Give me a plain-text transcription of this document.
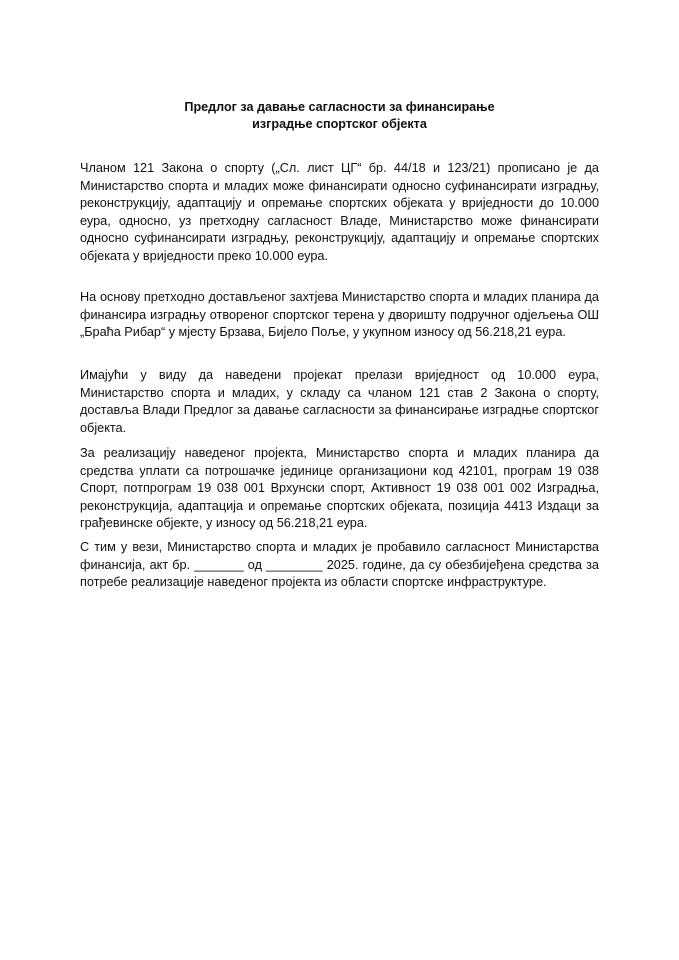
Предлог за давање сагласности за финансирање
изградње спортског објекта

Чланом 121 Закона о спорту („Сл. лист ЦГ“ бр. 44/18 и 123/21) прописано је да Министарство спорта и младих може финансирати односно суфинансирати изградњу, реконструкцију, адаптацију и опремање спортских објеката у вриједности до 10.000 еура, односно, уз претходну сагласност Владе, Министарство може финансирати односно суфинансирати изградњу, реконструкцију, адаптацију и опремање спортских објеката у вриједности преко 10.000 еура.

На основу претходно достављеног захтјева Министарство спорта и младих планира да финансира изградњу отвореног спортског терена у дворишту подручног одјељења ОШ „Браћа Рибар“ у мјесту Брзава, Бијело Поље, у укупном износу од 56.218,21 еура.

Имајући у виду да наведени пројекат прелази вриједност од 10.000 еура, Министарство спорта и младих, у складу са чланом 121 став 2 Закона о спорту, доставља Влади Предлог за давање сагласности за финансирање изградње спортског објекта.

За реализацију наведеног пројекта, Министарство спорта и младих планира да средства уплати са потрошачке јединице организациони код 42101, програм 19 038 Спорт, потпрограм 19 038 001 Врхунски спорт, Активност 19 038 001 002 Изградња, реконструкција, адаптација и опремање спортских објеката, позиција 4413 Издаци за грађевинске објекте, у износу од 56.218,21 еура.

С тим у вези, Министарство спорта и младих је пробавило сагласност Министарства финансија, акт бр. _______ од ________ 2025. године, да су обезбијеђена средства за потребе реализације наведеног пројекта из области спортске инфраструктуре.
